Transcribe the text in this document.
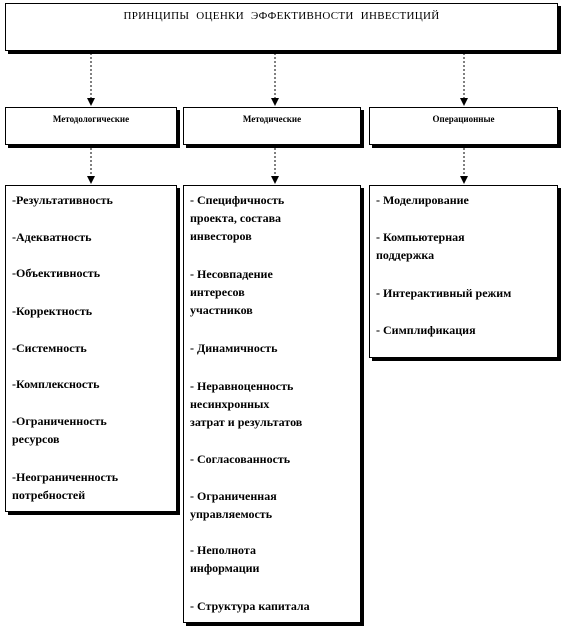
ПРИНЦИПЫ ОЦЕНКИ ЭФФЕКТИВНОСТИ ИНВЕСТИЦИЙ
Методологические	Методические	Операционные
-Результативность
-Адекватность
-Объективность
-Корректность
-Системность
-Комплексность
-Ограниченность
ресурсов
-Неограниченность
потребностей
- Специфичность
проекта, состава
инвесторов
- Несовпадение
интересов
участников
- Динамичность
- Неравноценность
несинхронных
затрат и результатов
- Согласованность
- Ограниченная
управляемость
- Неполнота
информации
- Структура капитала
- Моделирование
- Компьютерная
поддержка
- Интерактивный режим
- Симплификация
